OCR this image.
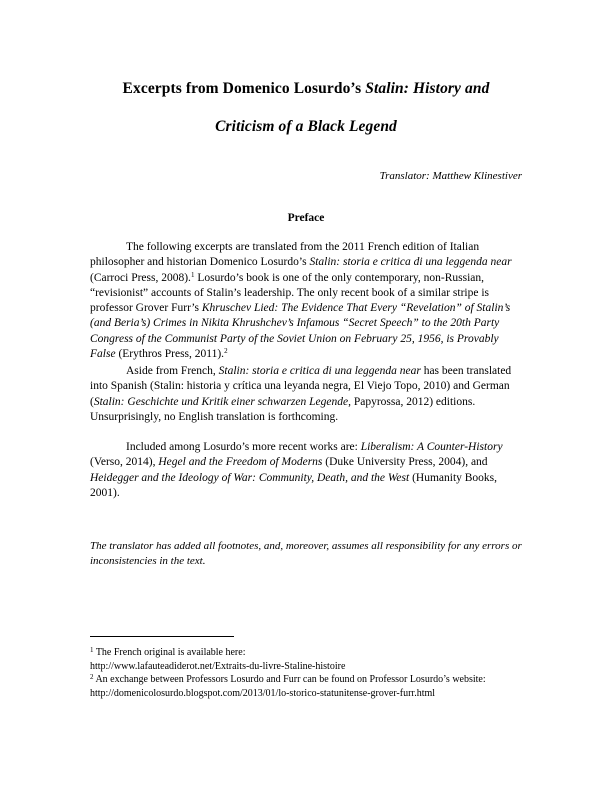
Excerpts from Domenico Losurdo’s Stalin: History and
Criticism of a Black Legend
Translator: Matthew Klinestiver
Preface
The following excerpts are translated from the 2011 French edition of Italian philosopher and historian Domenico Losurdo’s Stalin: storia e critica di una leggenda near (Carroci Press, 2008).$^1$ Losurdo’s book is one of the only contemporary, non-Russian, “revisionist” accounts of Stalin’s leadership. The only recent book of a similar stripe is professor Grover Furr’s Khruschev Lied: The Evidence That Every “Revelation” of Stalin’s (and Beria’s) Crimes in Nikita Khrushchev’s Infamous “Secret Speech” to the 20th Party Congress of the Communist Party of the Soviet Union on February 25, 1956, is Provably False (Erythros Press, 2011).$^2$
Aside from French, Stalin: storia e critica di una leggenda near has been translated into Spanish (Stalin: historia y crítica una leyanda negra, El Viejo Topo, 2010) and German (Stalin: Geschichte und Kritik einer schwarzen Legende, Papyrossa, 2012) editions. Unsurprisingly, no English translation is forthcoming.
Included among Losurdo’s more recent works are: Liberalism: A Counter-History (Verso, 2014), Hegel and the Freedom of Moderns (Duke University Press, 2004), and Heidegger and the Ideology of War: Community, Death, and the West (Humanity Books, 2001).
The translator has added all footnotes, and, moreover, assumes all responsibility for any errors or inconsistencies in the text.
$^1$ The French original is available here:
http://www.lafauteadiderot.net/Extraits-du-livre-Staline-histoire
$^2$ An exchange between Professors Losurdo and Furr can be found on Professor Losurdo’s website:
http://domenicolosurdo.blogspot.com/2013/01/lo-storico-statunitense-grover-furr.html
